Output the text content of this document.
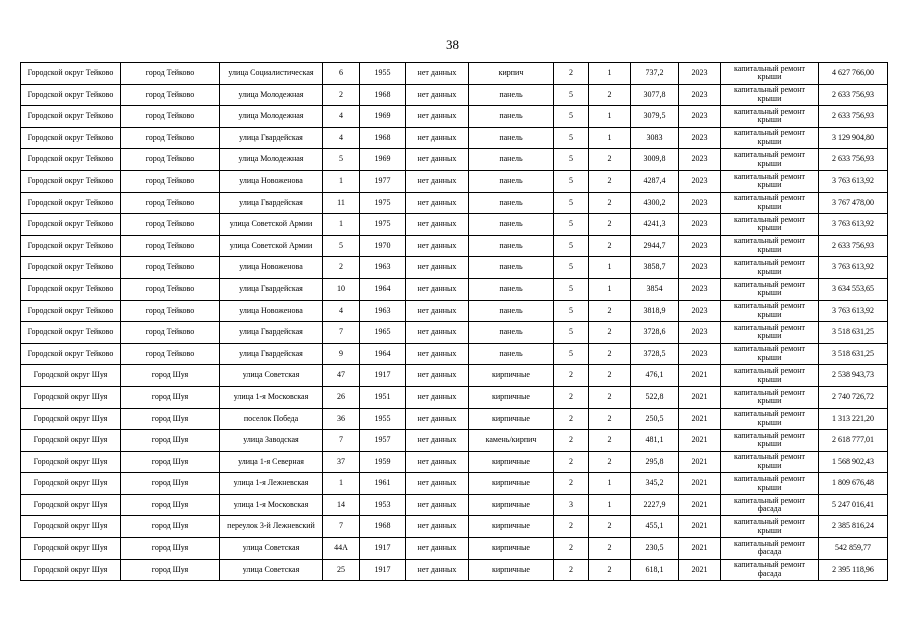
38
Городской округ Тейково	город Тейково	улица Социалистическая	6	1955	нет данных	кирпич	2	1	737,2	2023	капитальный ремонт крыши	4 627 766,00
Городской округ Тейково	город Тейково	улица Молодежная	2	1968	нет данных	панель	5	2	3077,8	2023	капитальный ремонт крыши	2 633 756,93
Городской округ Тейково	город Тейково	улица Молодежная	4	1969	нет данных	панель	5	1	3079,5	2023	капитальный ремонт крыши	2 633 756,93
Городской округ Тейково	город Тейково	улица Гвардейская	4	1968	нет данных	панель	5	1	3083	2023	капитальный ремонт крыши	3 129 904,80
Городской округ Тейково	город Тейково	улица Молодежная	5	1969	нет данных	панель	5	2	3009,8	2023	капитальный ремонт крыши	2 633 756,93
Городской округ Тейково	город Тейково	улица Новоженова	1	1977	нет данных	панель	5	2	4287,4	2023	капитальный ремонт крыши	3 763 613,92
Городской округ Тейково	город Тейково	улица Гвардейская	11	1975	нет данных	панель	5	2	4300,2	2023	капитальный ремонт крыши	3 767 478,00
Городской округ Тейково	город Тейково	улица Советской Армии	1	1975	нет данных	панель	5	2	4241,3	2023	капитальный ремонт крыши	3 763 613,92
Городской округ Тейково	город Тейково	улица Советской Армии	5	1970	нет данных	панель	5	2	2944,7	2023	капитальный ремонт крыши	2 633 756,93
Городской округ Тейково	город Тейково	улица Новоженова	2	1963	нет данных	панель	5	1	3858,7	2023	капитальный ремонт крыши	3 763 613,92
Городской округ Тейково	город Тейково	улица Гвардейская	10	1964	нет данных	панель	5	1	3854	2023	капитальный ремонт крыши	3 634 553,65
Городской округ Тейково	город Тейково	улица Новоженова	4	1963	нет данных	панель	5	2	3818,9	2023	капитальный ремонт крыши	3 763 613,92
Городской округ Тейково	город Тейково	улица Гвардейская	7	1965	нет данных	панель	5	2	3728,6	2023	капитальный ремонт крыши	3 518 631,25
Городской округ Тейково	город Тейково	улица Гвардейская	9	1964	нет данных	панель	5	2	3728,5	2023	капитальный ремонт крыши	3 518 631,25
Городской округ Шуя	город Шуя	улица Советская	47	1917	нет данных	кирпичные	2	2	476,1	2021	капитальный ремонт крыши	2 538 943,73
Городской округ Шуя	город Шуя	улица 1-я Московская	26	1951	нет данных	кирпичные	2	2	522,8	2021	капитальный ремонт крыши	2 740 726,72
Городской округ Шуя	город Шуя	поселок Победа	36	1955	нет данных	кирпичные	2	2	250,5	2021	капитальный ремонт крыши	1 313 221,20
Городской округ Шуя	город Шуя	улица Заводская	7	1957	нет данных	камень/кирпич	2	2	481,1	2021	капитальный ремонт крыши	2 618 777,01
Городской округ Шуя	город Шуя	улица 1-я Северная	37	1959	нет данных	кирпичные	2	2	295,8	2021	капитальный ремонт крыши	1 568 902,43
Городской округ Шуя	город Шуя	улица 1-я Лежневская	1	1961	нет данных	кирпичные	2	1	345,2	2021	капитальный ремонт крыши	1 809 676,48
Городской округ Шуя	город Шуя	улица 1-я Московская	14	1953	нет данных	кирпичные	3	1	2227,9	2021	капитальный ремонт фасада	5 247 016,41
Городской округ Шуя	город Шуя	переулок 3-й Лежневский	7	1968	нет данных	кирпичные	2	2	455,1	2021	капитальный ремонт крыши	2 385 816,24
Городской округ Шуя	город Шуя	улица Советская	44А	1917	нет данных	кирпичные	2	2	230,5	2021	капитальный ремонт фасада	542 859,77
Городской округ Шуя	город Шуя	улица Советская	25	1917	нет данных	кирпичные	2	2	618,1	2021	капитальный ремонт фасада	2 395 118,96
